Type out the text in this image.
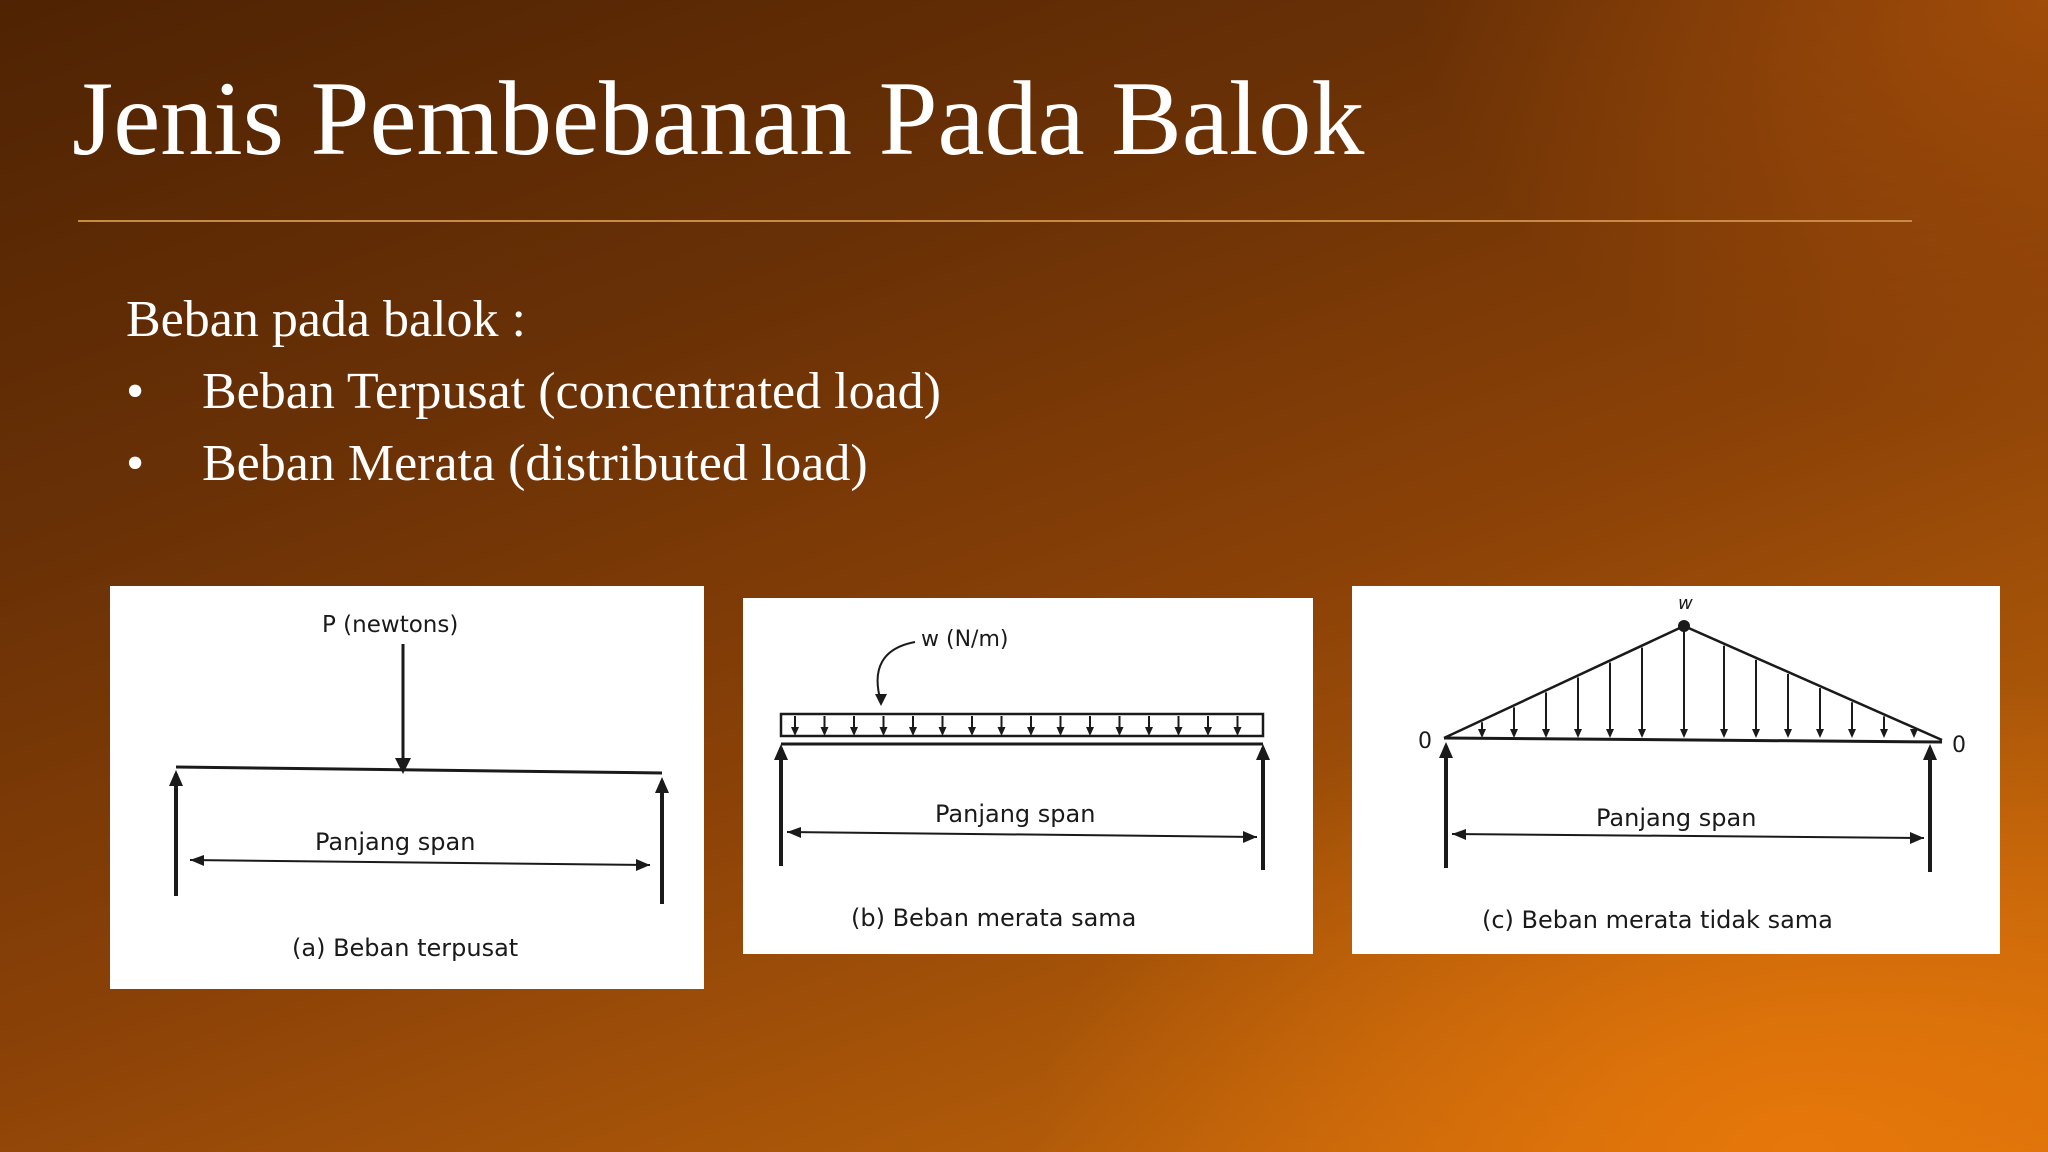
Jenis Pembebanan Pada Balok
Beban pada balok :
•	Beban Terpusat (concentrated load)
•	Beban Merata (distributed load)
P (newtons)
Panjang span
(a) Beban terpusat
w (N/m)
Panjang span
(b) Beban merata sama
w
0	0
Panjang span
(c) Beban merata tidak sama
